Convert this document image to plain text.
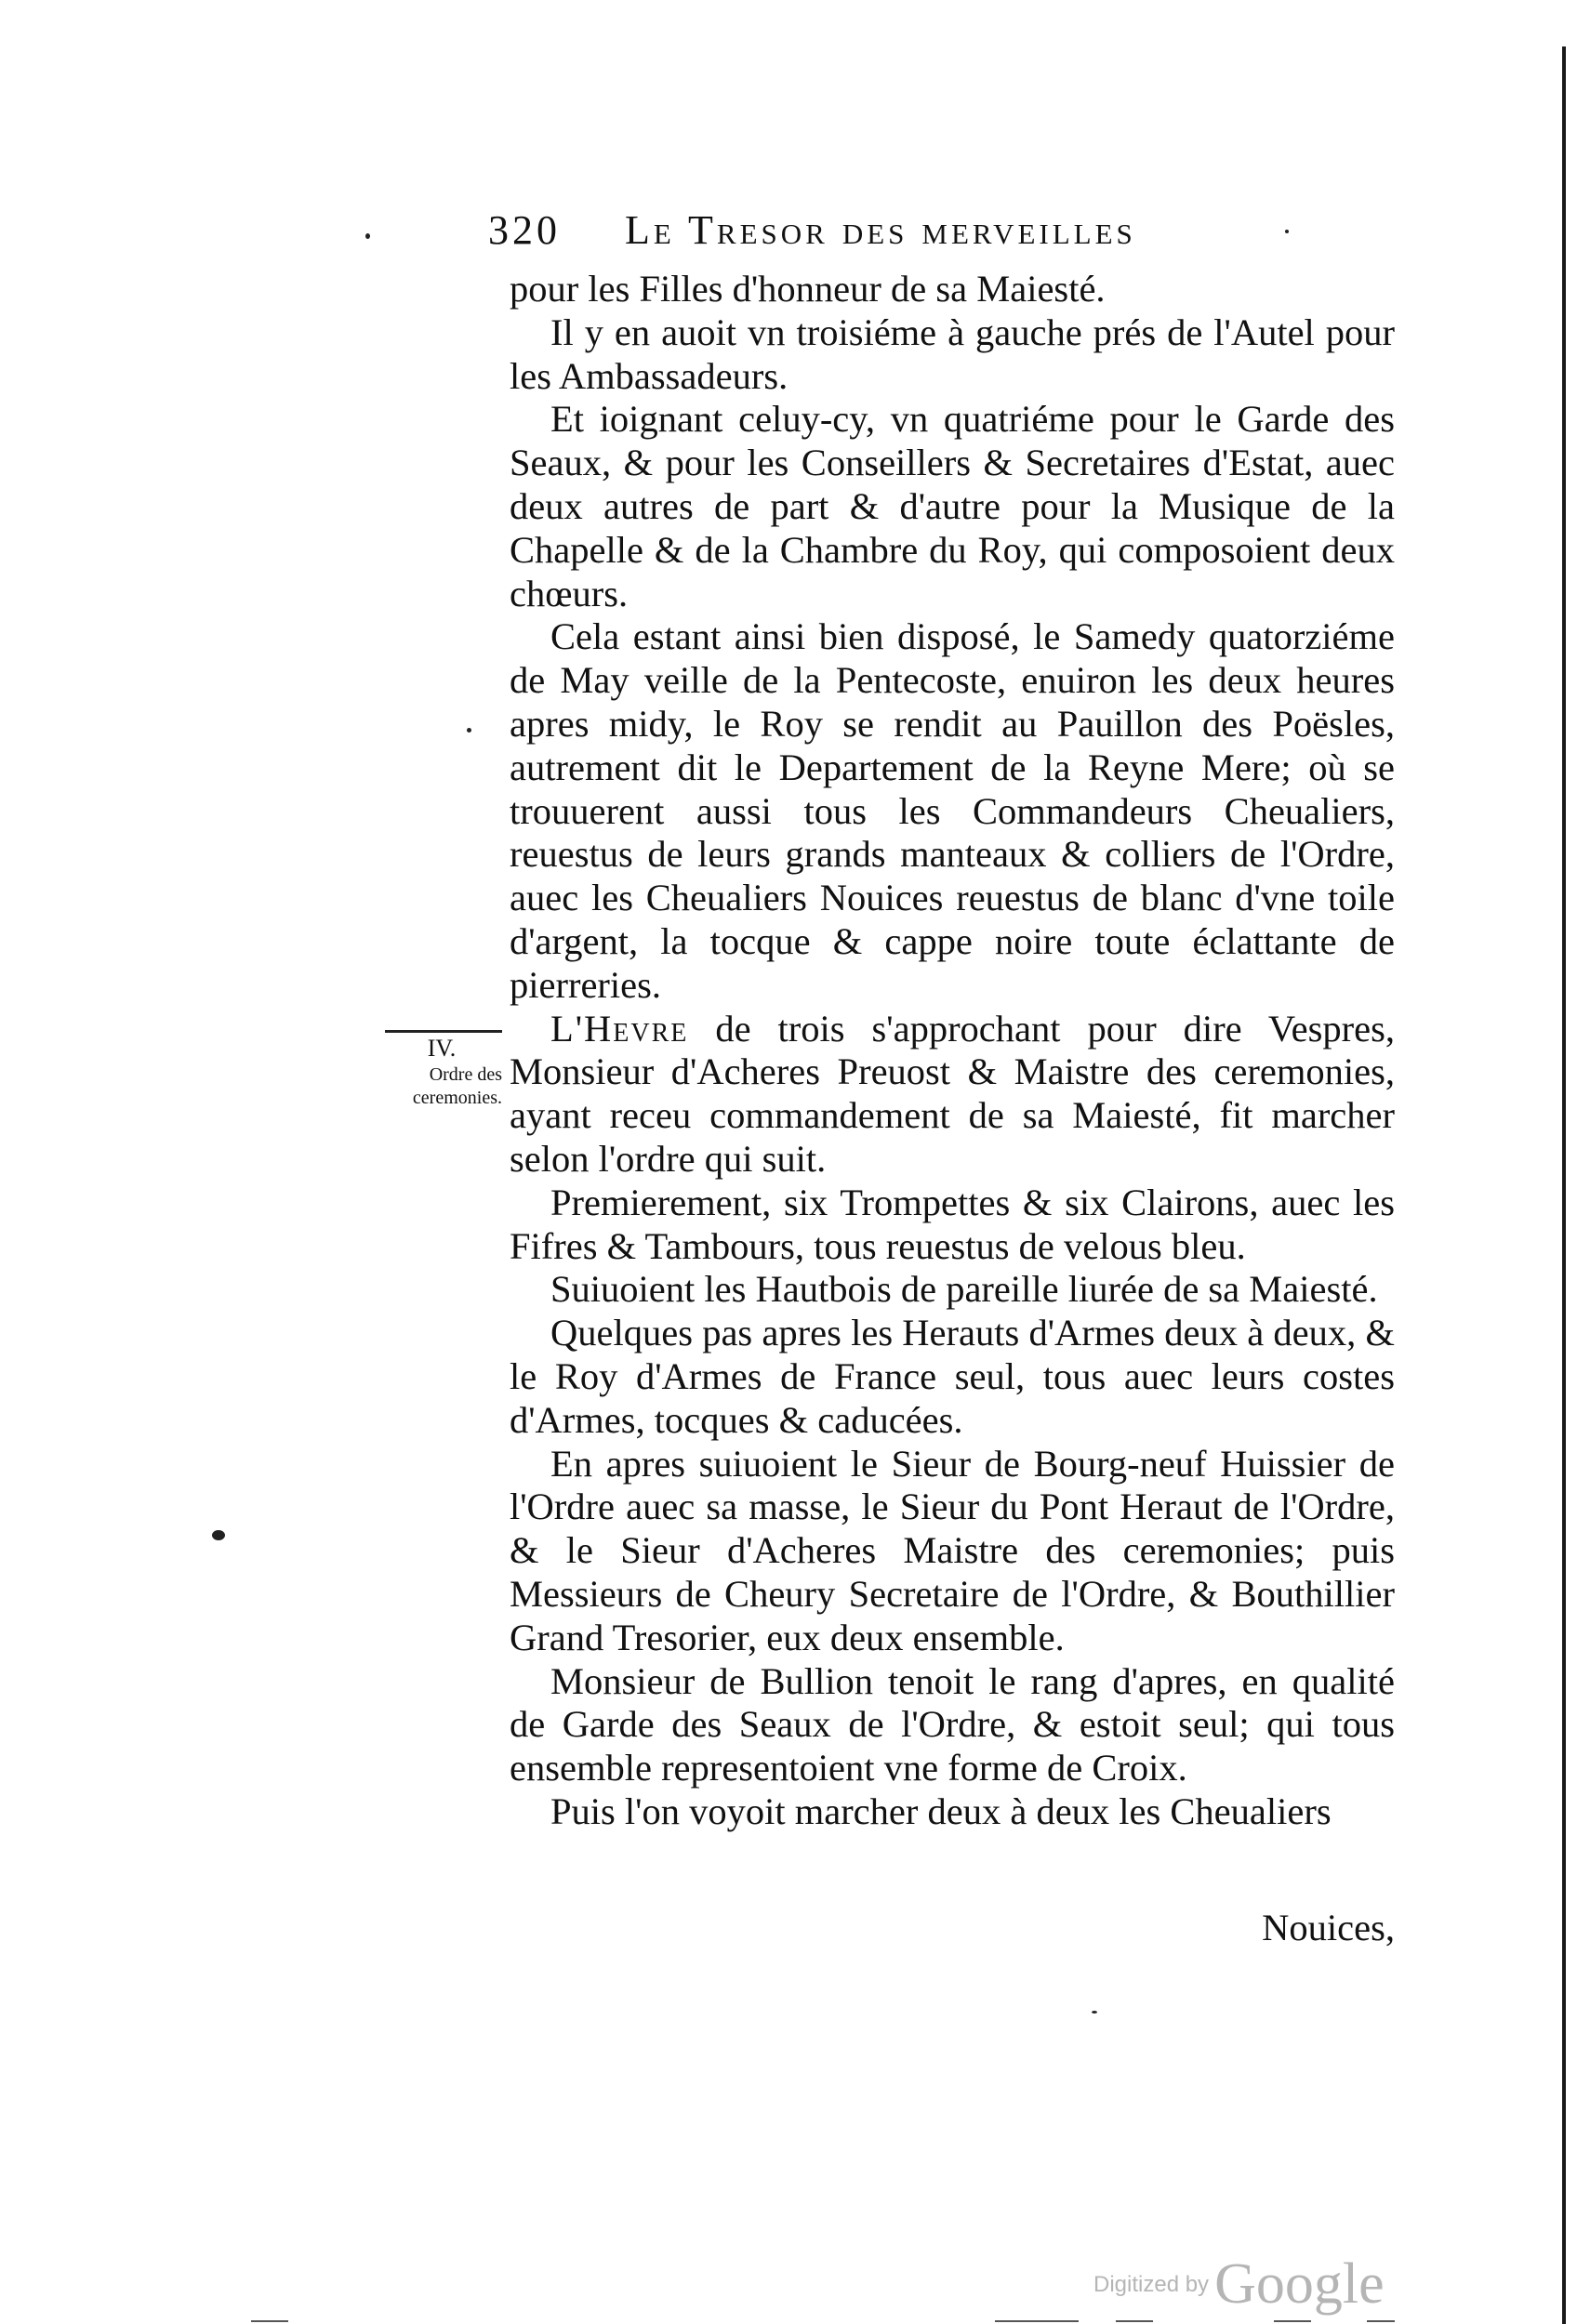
320 Le Tresor des merveilles
IV.
Ordre des ceremonies.

pour les Filles d'honneur de sa Maiesté.

Il y en auoit vn troisiéme à gauche prés de l'Autel pour les Ambassadeurs.

Et ioignant celuy-cy, vn quatriéme pour le Garde des Seaux, & pour les Conseillers & Secretaires d'Estat, auec deux autres de part & d'autre pour la Musique de la Chapelle & de la Chambre du Roy, qui composoient deux chœurs.

Cela estant ainsi bien disposé, le Samedy quatorziéme de May veille de la Pentecoste, enuiron les deux heures apres midy, le Roy se rendit au Pauillon des Poësles, autrement dit le Departement de la Reyne Mere; où se trouuerent aussi tous les Commandeurs Cheualiers, reuestus de leurs grands manteaux & colliers de l'Ordre, auec les Cheualiers Nouices reuestus de blanc d'vne toile d'argent, la tocque & cappe noire toute éclattante de pierreries.

L'Hevre de trois s'approchant pour dire Vespres, Monsieur d'Acheres Preuost & Maistre des ceremonies, ayant receu commandement de sa Maiesté, fit marcher selon l'ordre qui suit.

Premierement, six Trompettes & six Clairons, auec les Fifres & Tambours, tous reuestus de velous bleu.

Suiuoient les Hautbois de pareille liurée de sa Maiesté.

Quelques pas apres les Herauts d'Armes deux à deux, & le Roy d'Armes de France seul, tous auec leurs costes d'Armes, tocques & caducées.

En apres suiuoient le Sieur de Bourg-neuf Huissier de l'Ordre auec sa masse, le Sieur du Pont Heraut de l'Ordre, & le Sieur d'Acheres Maistre des ceremonies; puis Messieurs de Cheury Secretaire de l'Ordre, & Bouthillier Grand Tresorier, eux deux ensemble.

Monsieur de Bullion tenoit le rang d'apres, en qualité de Garde des Seaux de l'Ordre, & estoit seul; qui tous ensemble representoient vne forme de Croix.

Puis l'on voyoit marcher deux à deux les Cheualiers

Nouices,
Digitized byGoogle
